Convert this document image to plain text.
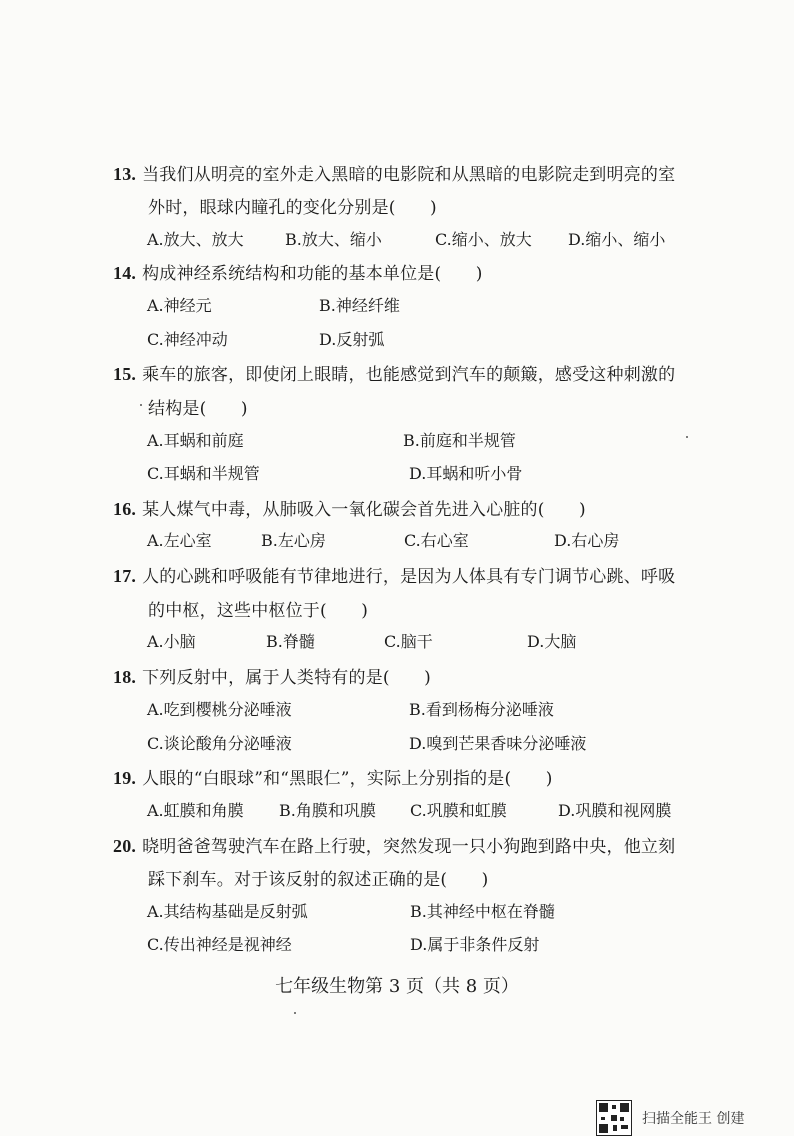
13. 当我们从明亮的室外走入黑暗的电影院和从黑暗的电影院走到明亮的室
外时，眼球内瞳孔的变化分别是(　　)
A.放大、放大	B.放大、缩小	C.缩小、放大 D.缩小、缩小
14. 构成神经系统结构和功能的基本单位是(　　)
A.神经元	B.神经纤维
C.神经冲动	D.反射弧
15. 乘车的旅客，即使闭上眼睛，也能感觉到汽车的颠簸，感受这种刺激的
结构是(　　)
A.耳蜗和前庭	B.前庭和半规管
C.耳蜗和半规管	D.耳蜗和听小骨
16. 某人煤气中毒，从肺吸入一氧化碳会首先进入心脏的(　　)
A.左心室	B.左心房	C.右心室	D.右心房
17. 人的心跳和呼吸能有节律地进行，是因为人体具有专门调节心跳、呼吸
的中枢，这些中枢位于(　　)
A.小脑	B.脊髓	C.脑干	D.大脑
18. 下列反射中，属于人类特有的是(　　)
A.吃到樱桃分泌唾液	B.看到杨梅分泌唾液
C.谈论酸角分泌唾液	D.嗅到芒果香味分泌唾液
19. 人眼的“白眼球”和“黑眼仁”，实际上分别指的是(　　)
A.虹膜和角膜 B.角膜和巩膜 C.巩膜和虹膜	D.巩膜和视网膜
20. 晓明爸爸驾驶汽车在路上行驶，突然发现一只小狗跑到路中央，他立刻
踩下刹车。对于该反射的叙述正确的是(　　)
A.其结构基础是反射弧	B.其神经中枢在脊髓
C.传出神经是视神经	D.属于非条件反射
七年级生物第 3 页（共 8 页）
扫描全能王 创建
